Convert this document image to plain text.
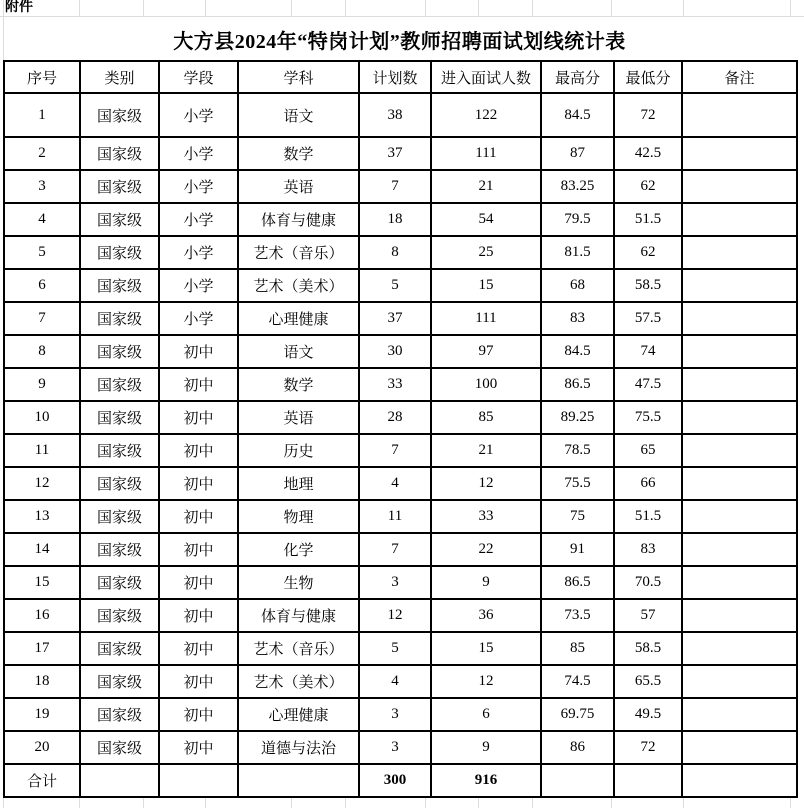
附件
大方县2024年“特岗计划”教师招聘面试划线统计表
序号	类别	学段	学科	计划数	进入面试人数	最高分	最低分	备注
1	国家级	小学	语文	38	122	84.5	72	
2	国家级	小学	数学	37	111	87	42.5	
3	国家级	小学	英语	7	21	83.25	62	
4	国家级	小学	体育与健康	18	54	79.5	51.5	
5	国家级	小学	艺术（音乐）	8	25	81.5	62	
6	国家级	小学	艺术（美术）	5	15	68	58.5	
7	国家级	小学	心理健康	37	111	83	57.5	
8	国家级	初中	语文	30	97	84.5	74	
9	国家级	初中	数学	33	100	86.5	47.5	
10	国家级	初中	英语	28	85	89.25	75.5	
11	国家级	初中	历史	7	21	78.5	65	
12	国家级	初中	地理	4	12	75.5	66	
13	国家级	初中	物理	11	33	75	51.5	
14	国家级	初中	化学	7	22	91	83	
15	国家级	初中	生物	3	9	86.5	70.5	
16	国家级	初中	体育与健康	12	36	73.5	57	
17	国家级	初中	艺术（音乐）	5	15	85	58.5	
18	国家级	初中	艺术（美术）	4	12	74.5	65.5	
19	国家级	初中	心理健康	3	6	69.75	49.5	
20	国家级	初中	道德与法治	3	9	86	72	
合计				300	916			
